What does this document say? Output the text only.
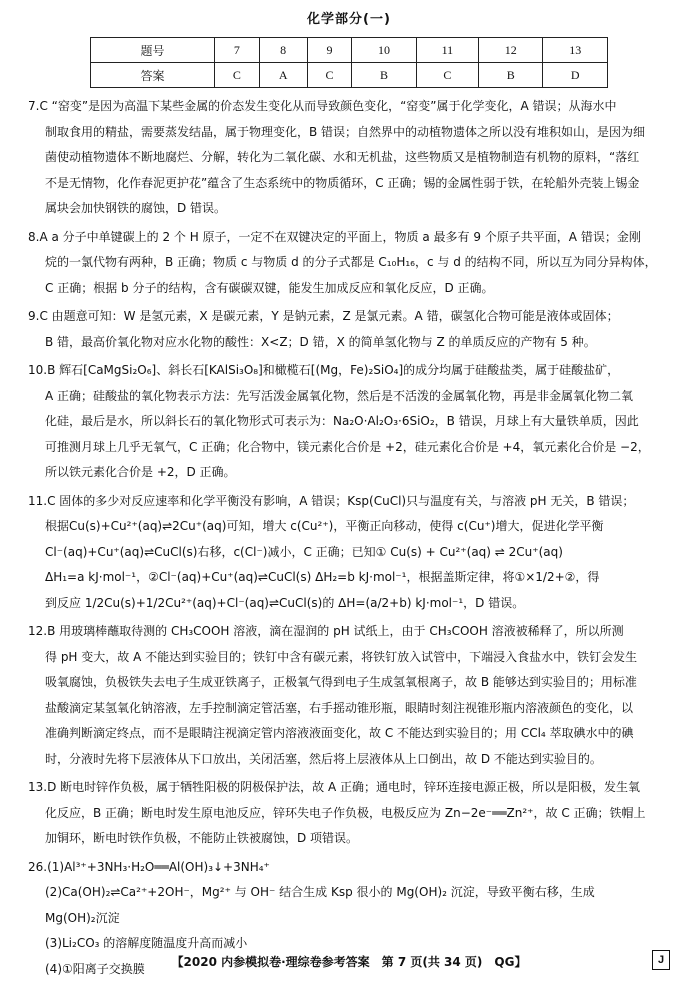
化学部分(一)
题号	7	8	9	10	11	12	13
答案	C	A	C	B	C	B	D

7.C “窑变”是因为高温下某些金属的价态发生变化从而导致颜色变化，“窑变”属于化学变化，A 错误；从海水中

制取食用的精盐，需要蒸发结晶，属于物理变化，B 错误；自然界中的动植物遗体之所以没有堆积如山，是因为细

菌使动植物遗体不断地腐烂、分解，转化为二氧化碳、水和无机盐，这些物质又是植物制造有机物的原料，“落红

不是无情物，化作春泥更护花”蕴含了生态系统中的物质循环，C 正确；锡的金属性弱于铁，在轮船外壳装上锡金

属块会加快钢铁的腐蚀，D 错误。

8.A a 分子中单键碳上的 2 个 H 原子，一定不在双键决定的平面上，物质 a 最多有 9 个原子共平面，A 错误；金刚

烷的一氯代物有两种，B 正确；物质 c 与物质 d 的分子式都是 C₁₀H₁₆，c 与 d 的结构不同，所以互为同分异构体，

C 正确；根据 b 分子的结构，含有碳碳双键，能发生加成反应和氧化反应，D 正确。

9.C 由题意可知：W 是氢元素，X 是碳元素，Y 是钠元素，Z 是氯元素。A 错，碳氢化合物可能是液体或固体；

B 错，最高价氧化物对应水化物的酸性：X<Z；D 错，X 的简单氢化物与 Z 的单质反应的产物有 5 种。

10.B 辉石[CaMgSi₂O₆]、斜长石[KAlSi₃O₈]和橄榄石[(Mg，Fe)₂SiO₄]的成分均属于硅酸盐类，属于硅酸盐矿，

A 正确；硅酸盐的氧化物表示方法：先写活泼金属氧化物，然后是不活泼的金属氧化物，再是非金属氧化物二氧

化硅，最后是水，所以斜长石的氧化物形式可表示为：Na₂O·Al₂O₃·6SiO₂，B 错误，月球上有大量铁单质，因此

可推测月球上几乎无氧气，C 正确；化合物中，镁元素化合价是 +2，硅元素化合价是 +4，氧元素化合价是 −2，

所以铁元素化合价是 +2，D 正确。

11.C 固体的多少对反应速率和化学平衡没有影响，A 错误；Ksp(CuCl)只与温度有关，与溶液 pH 无关，B 错误；

根据Cu(s)+Cu²⁺(aq)⇌2Cu⁺(aq)可知，增大 c(Cu²⁺)，平衡正向移动，使得 c(Cu⁺)增大，促进化学平衡

Cl⁻(aq)+Cu⁺(aq)⇌CuCl(s)右移，c(Cl⁻)减小，C 正确；已知① Cu(s) + Cu²⁺(aq) ⇌ 2Cu⁺(aq)

ΔH₁=a kJ·mol⁻¹，②Cl⁻(aq)+Cu⁺(aq)⇌CuCl(s) ΔH₂=b kJ·mol⁻¹，根据盖斯定律，将①×1/2+②，得

到反应 1/2Cu(s)+1/2Cu²⁺(aq)+Cl⁻(aq)⇌CuCl(s)的 ΔH=(a/2+b) kJ·mol⁻¹，D 错误。

12.B 用玻璃棒蘸取待测的 CH₃COOH 溶液，滴在湿润的 pH 试纸上，由于 CH₃COOH 溶液被稀释了，所以所测

得 pH 变大，故 A 不能达到实验目的；铁钉中含有碳元素，将铁钉放入试管中，下端浸入食盐水中，铁钉会发生

吸氧腐蚀，负极铁失去电子生成亚铁离子，正极氧气得到电子生成氢氧根离子，故 B 能够达到实验目的；用标准

盐酸滴定某氢氧化钠溶液，左手控制滴定管活塞，右手摇动锥形瓶，眼睛时刻注视锥形瓶内溶液颜色的变化，以

准确判断滴定终点，而不是眼睛注视滴定管内溶液液面变化，故 C 不能达到实验目的；用 CCl₄ 萃取碘水中的碘

时，分液时先将下层液体从下口放出，关闭活塞，然后将上层液体从上口倒出，故 D 不能达到实验目的。

13.D 断电时锌作负极，属于牺牲阳极的阴极保护法，故 A 正确；通电时，锌环连接电源正极，所以是阳极，发生氧

化反应，B 正确；断电时发生原电池反应，锌环失电子作负极，电极反应为 Zn−2e⁻══Zn²⁺，故 C 正确；铁帽上

加铜环，断电时铁作负极，不能防止铁被腐蚀，D 项错误。

26.(1)Al³⁺+3NH₃·H₂O══Al(OH)₃↓+3NH₄⁺

(2)Ca(OH)₂⇌Ca²⁺+2OH⁻，Mg²⁺ 与 OH⁻ 结合生成 Ksp 很小的 Mg(OH)₂ 沉淀，导致平衡右移，生成

Mg(OH)₂沉淀

(3)Li₂CO₃ 的溶解度随温度升高而减小

(4)①阳离子交换膜	【2020 内参模拟卷·理综卷参考答案　第 7 页(共 34 页)　QG】	J
